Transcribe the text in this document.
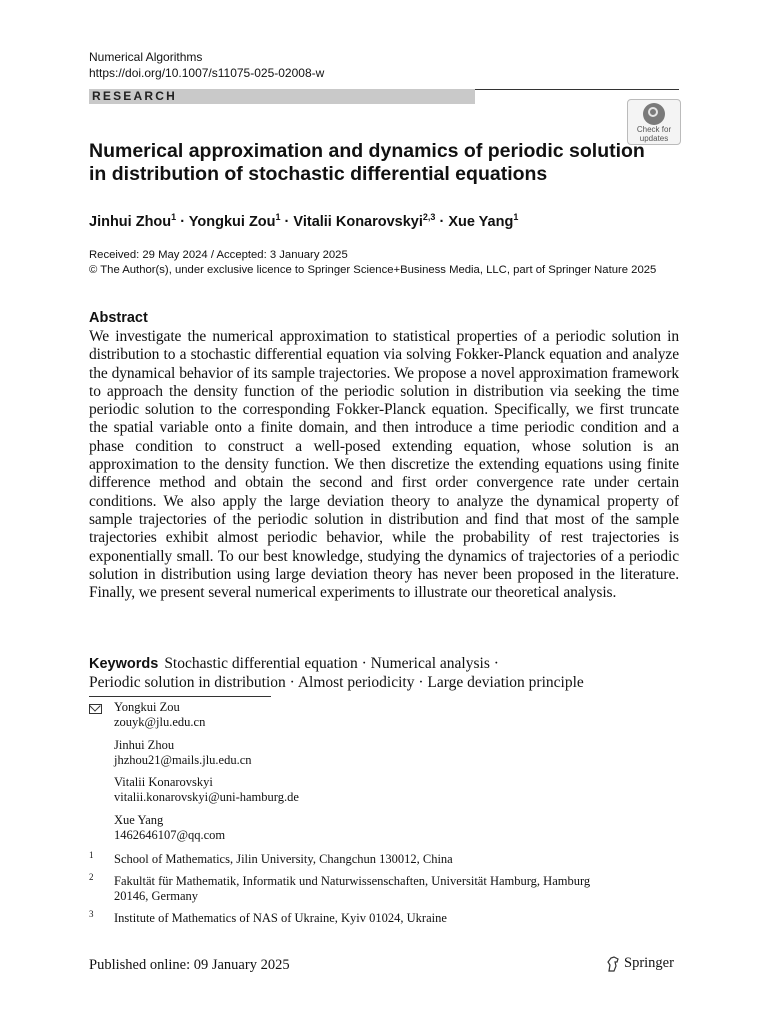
Numerical Algorithms
https://doi.org/10.1007/s11075-025-02008-w
RESEARCH
Check for
updates
Numerical approximation and dynamics of periodic solution in distribution of stochastic differential equations
Jinhui Zhou$^1$ · Yongkui Zou$^1$ · Vitalii Konarovskyi$^{2,3}$ · Xue Yang$^1$
Received: 29 May 2024 / Accepted: 3 January 2025
© The Author(s), under exclusive licence to Springer Science+Business Media, LLC, part of Springer Nature 2025
Abstract
We investigate the numerical approximation to statistical properties of a periodic solution in distribution to a stochastic differential equation via solving Fokker-Planck equation and analyze the dynamical behavior of its sample trajectories. We propose a novel approximation framework to approach the density function of the periodic solution in distribution via seeking the time periodic solution to the corresponding Fokker-Planck equation. Specifically, we first truncate the spatial variable onto a finite domain, and then introduce a time periodic condition and a phase condition to construct a well-posed extending equation, whose solution is an approximation to the density function. We then discretize the extending equations using finite difference method and obtain the second and first order convergence rate under certain conditions. We also apply the large deviation theory to analyze the dynamical property of sample trajectories of the periodic solution in distribution and find that most of the sample trajectories exhibit almost periodic behavior, while the probability of rest trajectories is exponentially small. To our best knowledge, studying the dynamics of trajectories of a periodic solution in distribution using large deviation theory has never been proposed in the literature. Finally, we present several numerical experiments to illustrate our theoretical analysis.
Keywords Stochastic differential equation · Numerical analysis ·
Periodic solution in distribution · Almost periodicity · Large deviation principle
Yongkui Zou
zouyk@jlu.edu.cn
Jinhui Zhou
jhzhou21@mails.jlu.edu.cn
Vitalii Konarovskyi
vitalii.konarovskyi@uni-hamburg.de
Xue Yang
1462646107@qq.com
1 School of Mathematics, Jilin University, Changchun 130012, China
2 Fakultät für Mathematik, Informatik und Naturwissenschaften, Universität Hamburg, Hamburg 20146, Germany
3 Institute of Mathematics of NAS of Ukraine, Kyiv 01024, Ukraine
Published online: 09 January 2025	Springer
